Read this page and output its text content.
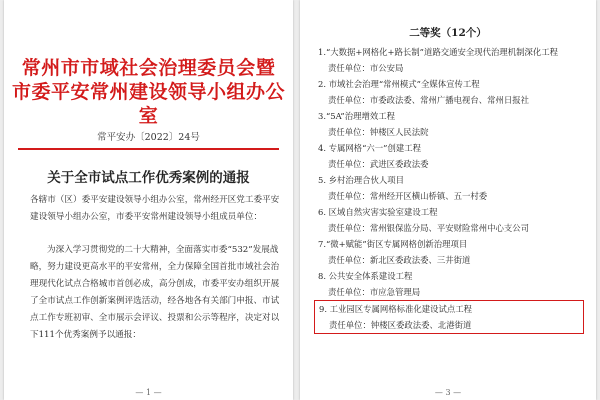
常州市市域社会治理委员会暨

市委平安常州建设领导小组办公室

常平安办〔2022〕24号
关于全市试点工作优秀案例的通报
各辖市（区）委平安建设领导小组办公室，常州经开区党工委平安建设领导小组办公室，市委平安常州建设领导小组成员单位：
为深入学习贯彻党的二十大精神，全面落实市委“532”发展战略，努力建设更高水平的平安常州，全力保障全国首批市域社会治理现代化试点合格城市首创必成，高分创成，市委平安办组织开展了全市试点工作创新案例评选活动，经各地各有关部门申报、市试点工作专班初审、全市展示会评议、投票和公示等程序，决定对以下111个优秀案例予以通报：
— 1 —
二等奖（12个）
1.“大数据+网格化+路长制”道路交通安全现代治理机制深化工程
责任单位：市公安局
2. 市域社会治理“常州模式”全媒体宣传工程
责任单位：市委政法委、常州广播电视台、常州日报社
3.“5A”治理增效工程
责任单位：钟楼区人民法院
4. 专属网格“六一”创建工程
责任单位：武进区委政法委
5. 乡村治理合伙人项目
责任单位：常州经开区横山桥镇、五一村委
6. 区域自然灾害实验室建设工程
责任单位：常州银保监分局、平安财险常州中心支公司
7.“微+赋能”街区专属网格创新治理项目
责任单位：新北区委政法委、三井街道
8. 公共安全体系建设工程
责任单位：市应急管理局
9. 工业园区专属网格标准化建设试点工程
责任单位：钟楼区委政法委、北港街道
— 3 —
